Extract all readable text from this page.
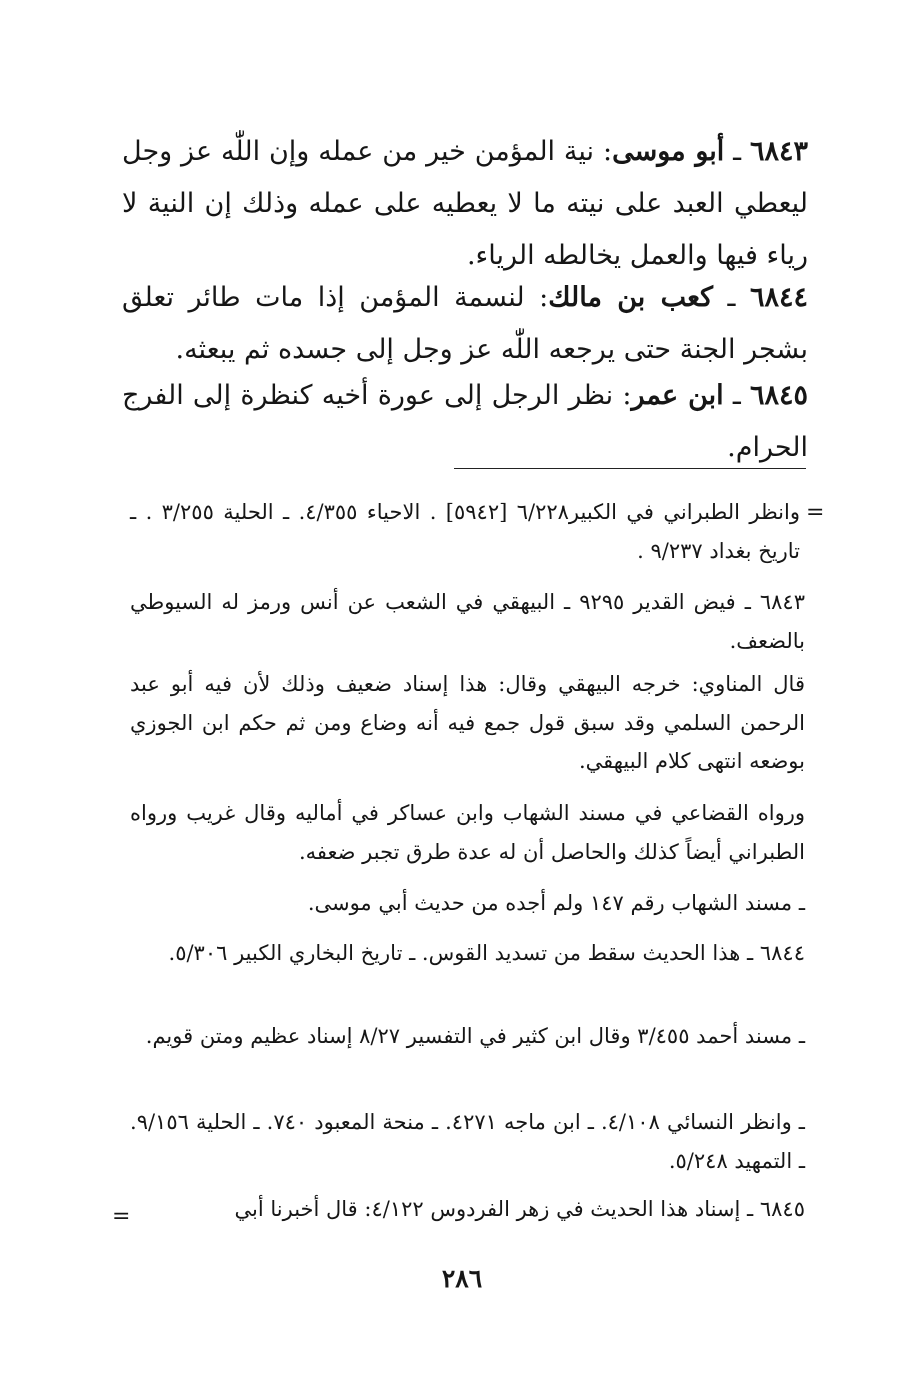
٦٨٤٣ ـ أبو موسى: نية المؤمن خير من عمله وإن اللّٰه عز وجل ليعطي العبد على نيته ما لا يعطيه على عمله وذلك إن النية لا رياء فيها والعمل يخالطه الرياء.
٦٨٤٤ ـ كعب بن مالك: لنسمة المؤمن إذا مات طائر تعلق بشجر الجنة حتى يرجعه اللّٰه عز وجل إلى جسده ثم يبعثه.
٦٨٤٥ ـ ابن عمر: نظر الرجل إلى عورة أخيه كنظرة إلى الفرج الحرام.
=
وانظر الطبراني في الكبير٦/٢٢٨ [٥٩٤٢] . الاحياء ٤/٣٥٥. ـ الحلية ٣/٢٥٥ . ـ تاريخ بغداد ٩/٢٣٧ .
٦٨٤٣ ـ فيض القدير ٩٢٩٥ ـ البيهقي في الشعب عن أنس ورمز له السيوطي بالضعف.
قال المناوي: خرجه البيهقي وقال: هذا إسناد ضعيف وذلك لأن فيه أبو عبد الرحمن السلمي وقد سبق قول جمع فيه أنه وضاع ومن ثم حكم ابن الجوزي بوضعه انتهى كلام البيهقي.
ورواه القضاعي في مسند الشهاب وابن عساكر في أماليه وقال غريب ورواه الطبراني أيضاً كذلك والحاصل أن له عدة طرق تجبر ضعفه.
ـ مسند الشهاب رقم ١٤٧ ولم أجده من حديث أبي موسى.
٦٨٤٤ ـ هذا الحديث سقط من تسديد القوس. ـ تاريخ البخاري الكبير ٥/٣٠٦.
ـ مسند أحمد ٣/٤٥٥ وقال ابن كثير في التفسير ٨/٢٧ إسناد عظيم ومتن قويم.
ـ وانظر النسائي ٤/١٠٨. ـ ابن ماجه ٤٢٧١. ـ منحة المعبود ٧٤٠. ـ الحلية ٩/١٥٦. ـ التمهيد ٥/٢٤٨.
٦٨٤٥ ـ إسناد هذا الحديث في زهر الفردوس ٤/١٢٢: قال أخبرنا أبي
=
٢٨٦
